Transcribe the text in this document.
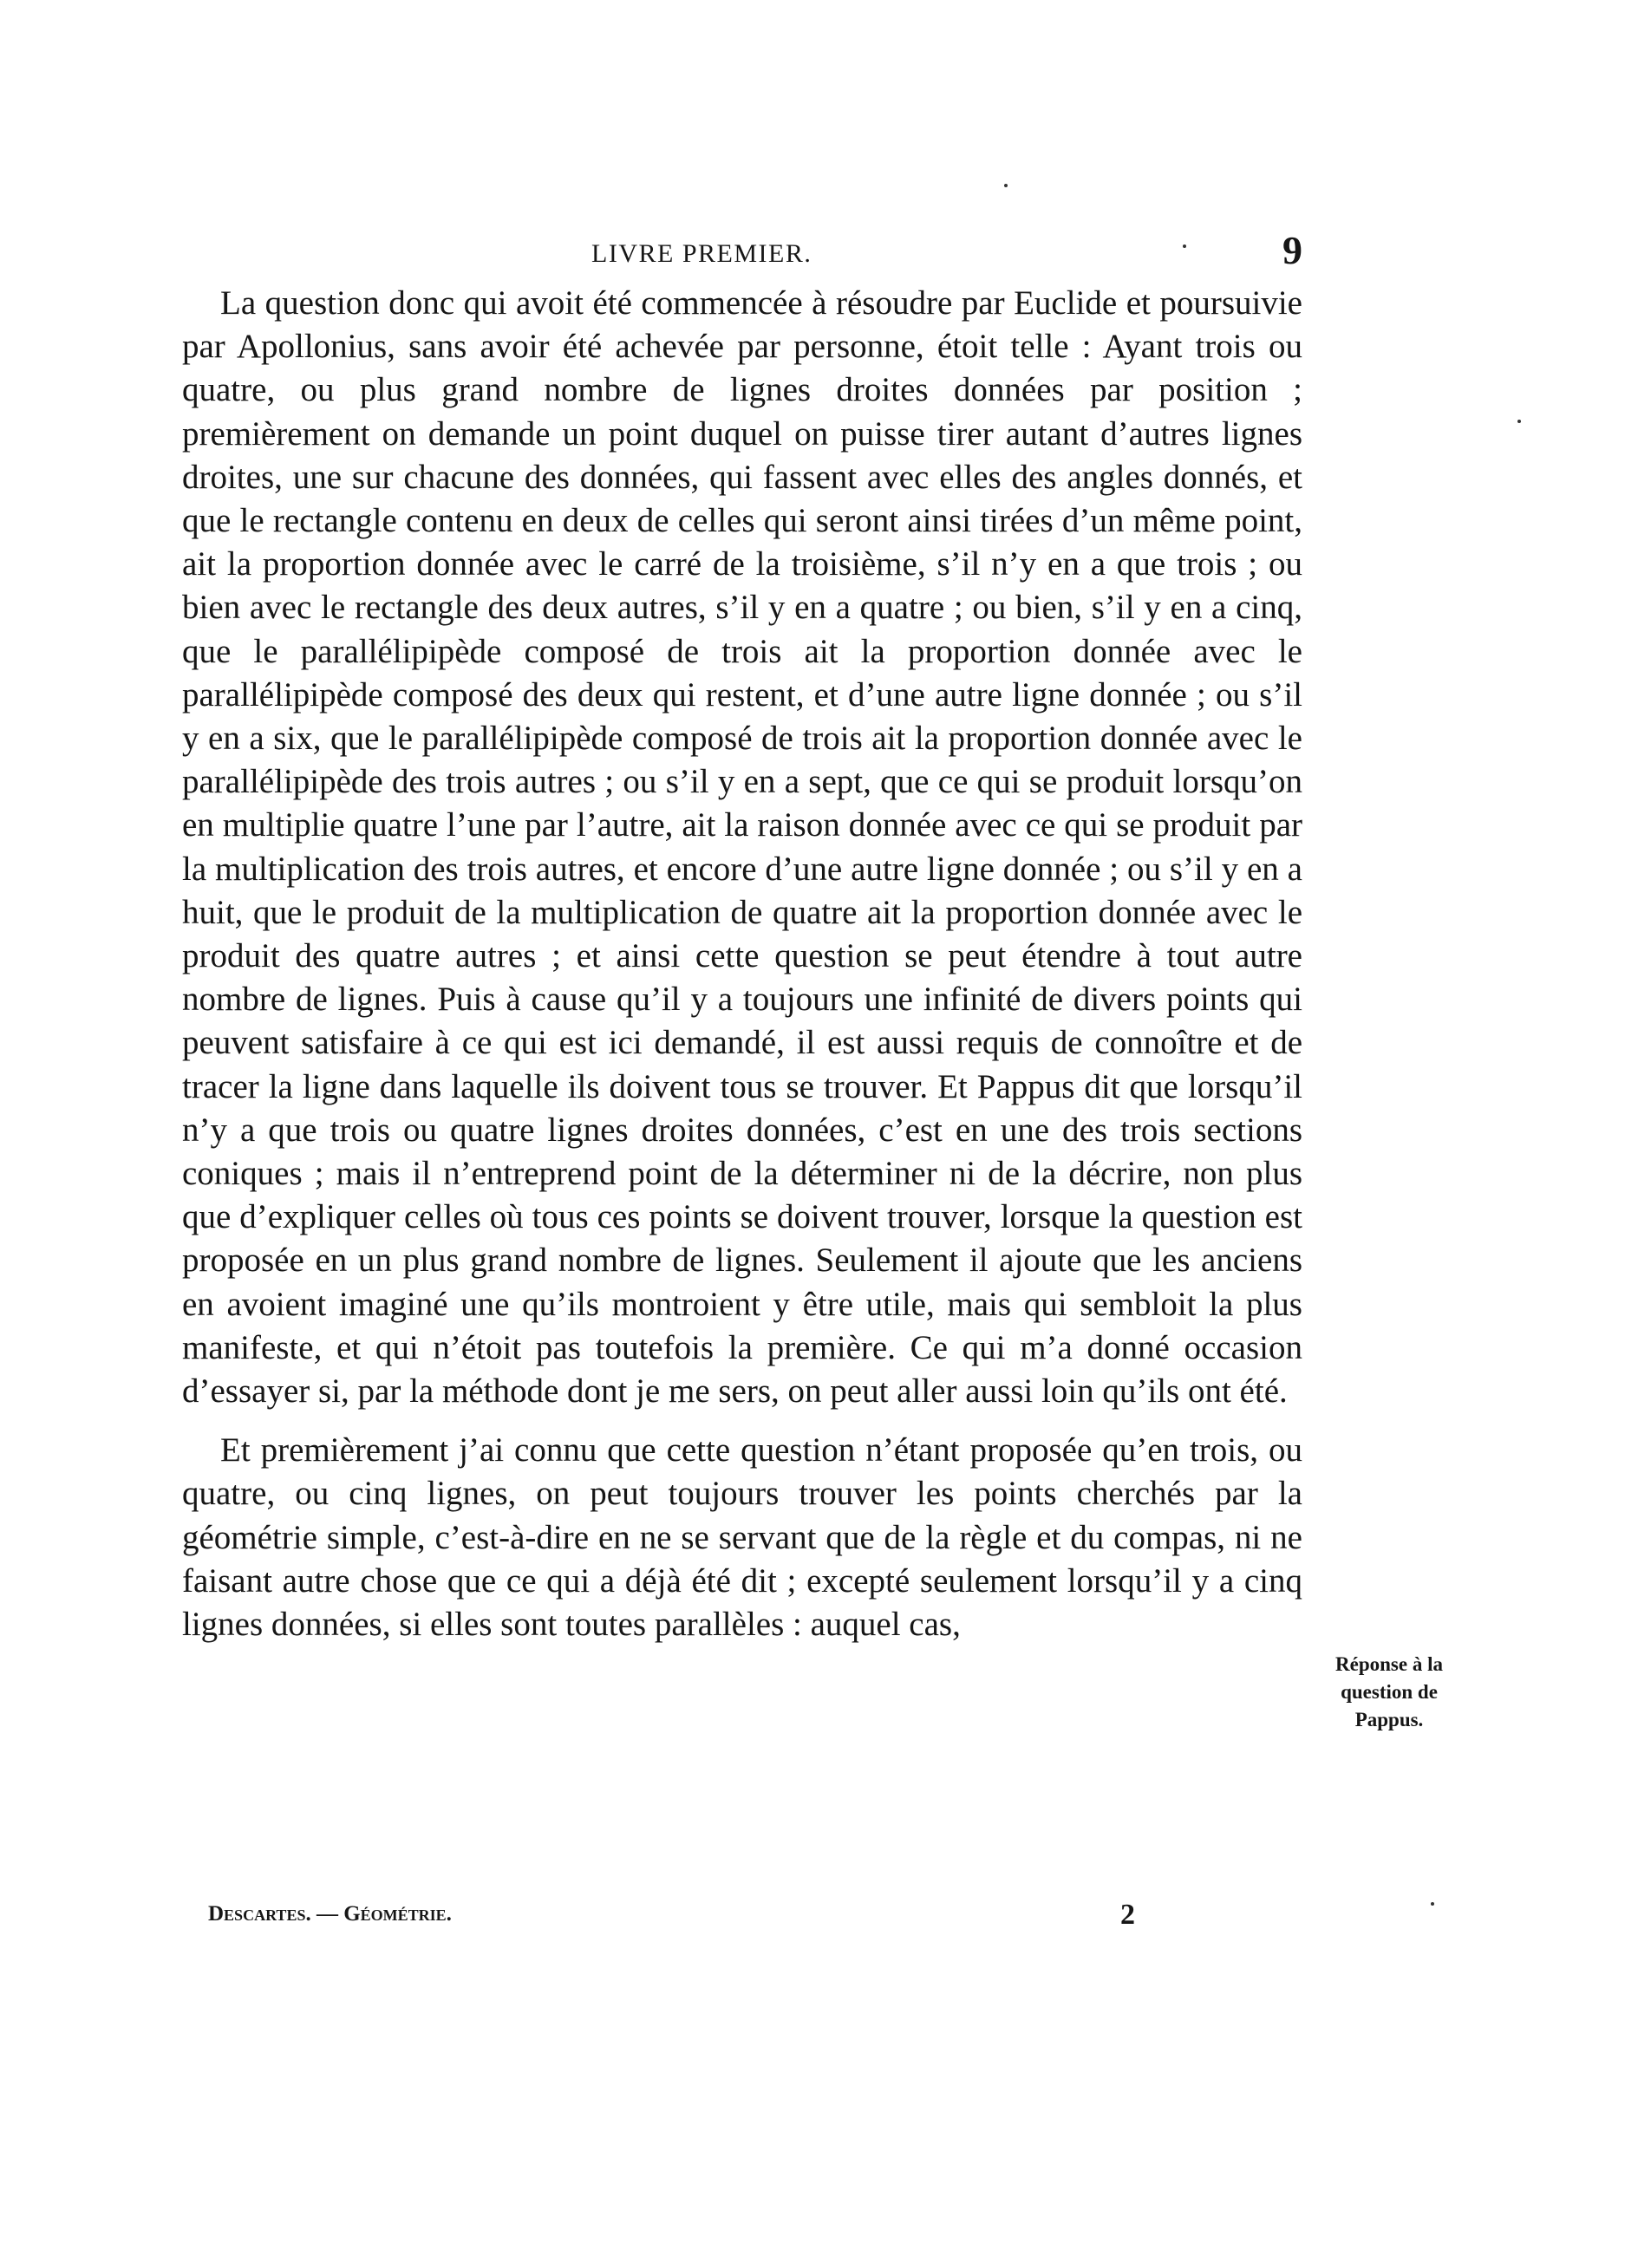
LIVRE PREMIER.	9

La question donc qui avoit été commencée à résoudre par Euclide et poursuivie par Apollonius, sans avoir été achevée par personne, étoit telle : Ayant trois ou quatre, ou plus grand nombre de lignes droites données par position ; premièrement on demande un point duquel on puisse tirer autant d’autres lignes droites, une sur chacune des données, qui fassent avec elles des angles donnés, et que le rectangle contenu en deux de celles qui seront ainsi tirées d’un même point, ait la proportion donnée avec le carré de la troisième, s’il n’y en a que trois ; ou bien avec le rectangle des deux autres, s’il y en a quatre ; ou bien, s’il y en a cinq, que le parallélipipède composé de trois ait la proportion donnée avec le parallélipipède composé des deux qui restent, et d’une autre ligne donnée ; ou s’il y en a six, que le parallélipipède composé de trois ait la proportion donnée avec le parallélipipède des trois autres ; ou s’il y en a sept, que ce qui se produit lorsqu’on en multiplie quatre l’une par l’autre, ait la raison donnée avec ce qui se produit par la multiplication des trois autres, et encore d’une autre ligne donnée ; ou s’il y en a huit, que le produit de la multiplication de quatre ait la proportion donnée avec le produit des quatre autres ; et ainsi cette question se peut étendre à tout autre nombre de lignes. Puis à cause qu’il y a toujours une infinité de divers points qui peuvent satisfaire à ce qui est ici demandé, il est aussi requis de connoître et de tracer la ligne dans laquelle ils doivent tous se trouver. Et Pappus dit que lorsqu’il n’y a que trois ou quatre lignes droites données, c’est en une des trois sections coniques ; mais il n’entreprend point de la déterminer ni de la décrire, non plus que d’expliquer celles où tous ces points se doivent trouver, lorsque la question est proposée en un plus grand nombre de lignes. Seulement il ajoute que les anciens en avoient imaginé une qu’ils montroient y être utile, mais qui sembloit la plus manifeste, et qui n’étoit pas toutefois la première. Ce qui m’a donné occasion d’essayer si, par la méthode dont je me sers, on peut aller aussi loin qu’ils ont été.

Et premièrement j’ai connu que cette question n’étant proposée qu’en trois, ou quatre, ou cinq lignes, on peut toujours trouver les points cherchés par la géométrie simple, c’est-à-dire en ne se servant que de la règle et du compas, ni ne faisant autre chose que ce qui a déjà été dit ; excepté seulement lorsqu’il y a cinq lignes données, si elles sont toutes parallèles : auquel cas,

Réponse à la
question de
Pappus.
Descartes. — Géométrie.	2
